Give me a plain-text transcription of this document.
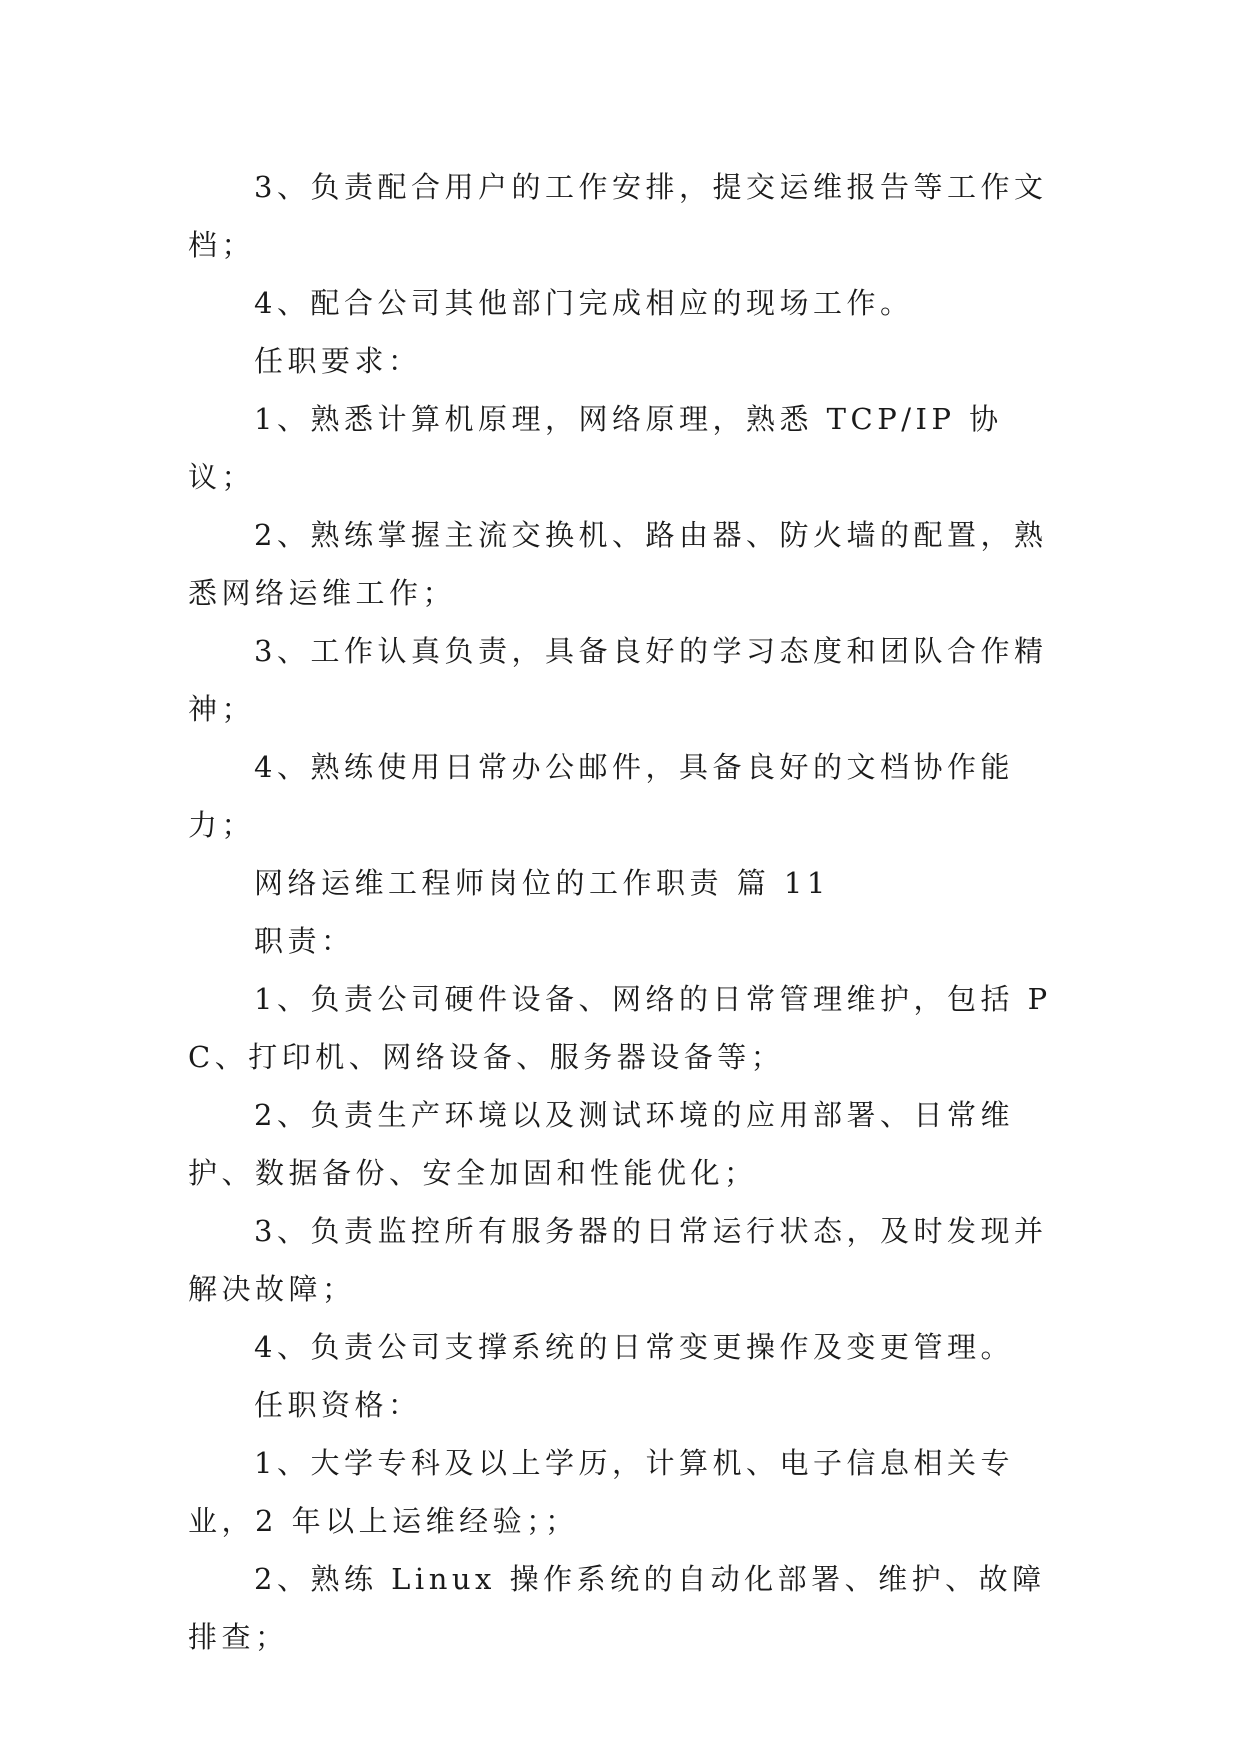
3、负责配合用户的工作安排，提交运维报告等工作文档；

4、配合公司其他部门完成相应的现场工作。

任职要求：

1、熟悉计算机原理，网络原理，熟悉 TCP/IP 协议；

2、熟练掌握主流交换机、路由器、防火墙的配置，熟悉网络运维工作；

3、工作认真负责，具备良好的学习态度和团队合作精神；

4、熟练使用日常办公邮件，具备良好的文档协作能力；

网络运维工程师岗位的工作职责 篇 11

职责：

1、负责公司硬件设备、网络的日常管理维护，包括 PC、打印机、网络设备、服务器设备等；

2、负责生产环境以及测试环境的应用部署、日常维护、数据备份、安全加固和性能优化；

3、负责监控所有服务器的日常运行状态，及时发现并解决故障；

4、负责公司支撑系统的日常变更操作及变更管理。

任职资格：

1、大学专科及以上学历，计算机、电子信息相关专业，2 年以上运维经验；；

2、熟练 Linux 操作系统的自动化部署、维护、故障排查；
